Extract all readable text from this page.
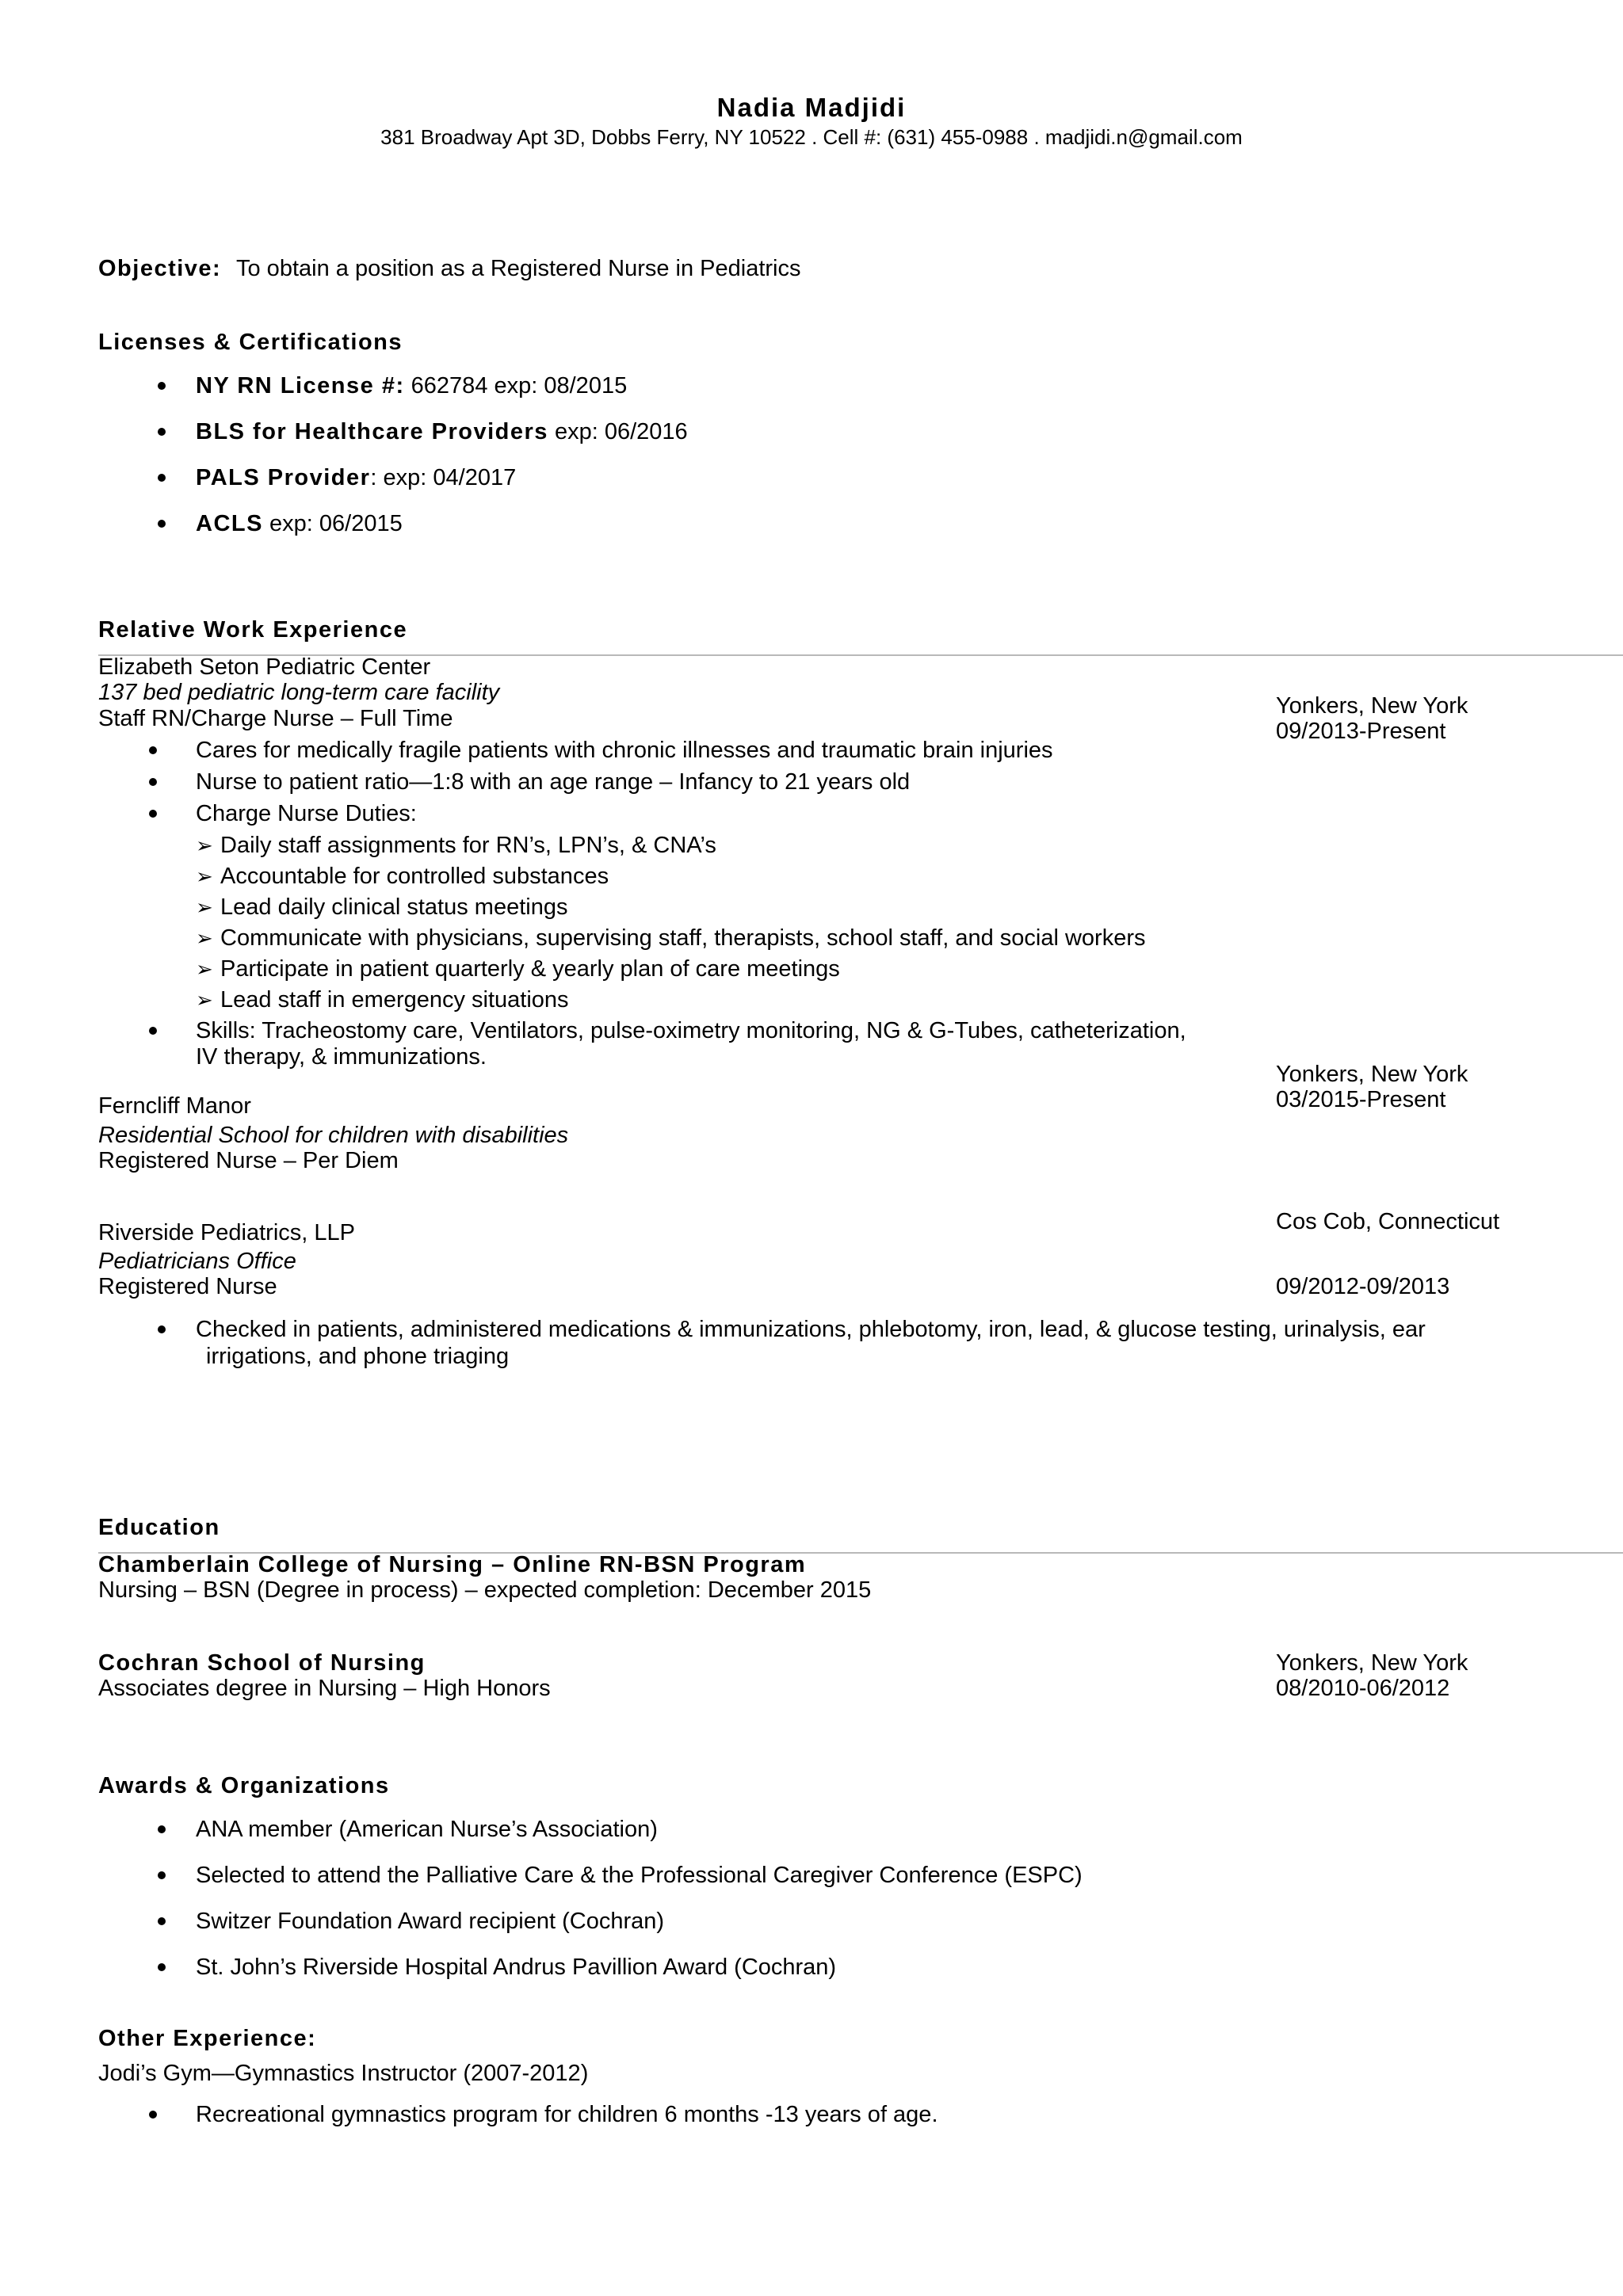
Nadia Madjidi
381 Broadway Apt 3D, Dobbs Ferry, NY 10522 . Cell #: (631) 455-0988 . madjidi.n@gmail.com
Objective: To obtain a position as a Registered Nurse in Pediatrics
Licenses & Certifications
NY RN License #: 662784 exp: 08/2015
BLS for Healthcare Providers exp: 06/2016
PALS Provider: exp: 04/2017
ACLS exp: 06/2015
Relative Work Experience
Elizabeth Seton Pediatric Center
137 bed pediatric long-term care facility
Staff RN/Charge Nurse – Full Time	Yonkers, New York
09/2013-Present
Cares for medically fragile patients with chronic illnesses and traumatic brain injuries
Nurse to patient ratio—1:8 with an age range – Infancy to 21 years old
Charge Nurse Duties:
➢ Daily staff assignments for RN’s, LPN’s, & CNA’s
➢ Accountable for controlled substances
➢ Lead daily clinical status meetings
➢ Communicate with physicians, supervising staff, therapists, school staff, and social workers
➢ Participate in patient quarterly & yearly plan of care meetings
➢ Lead staff in emergency situations
Skills: Tracheostomy care, Ventilators, pulse-oximetry monitoring, NG & G-Tubes, catheterization,
IV therapy, & immunizations.
Yonkers, New York
03/2015-Present
Ferncliff Manor
Residential School for children with disabilities
Registered Nurse – Per Diem
Cos Cob, Connecticut
Riverside Pediatrics, LLP
Pediatricians Office
Registered Nurse	09/2012-09/2013
Checked in patients, administered medications & immunizations, phlebotomy, iron, lead, & glucose testing, urinalysis, ear
irrigations, and phone triaging
Education
Chamberlain College of Nursing – Online RN-BSN Program
Nursing – BSN (Degree in process) – expected completion: December 2015
Cochran School of Nursing
Associates degree in Nursing – High Honors
Yonkers, New York
08/2010-06/2012
Awards & Organizations
ANA member (American Nurse’s Association)
Selected to attend the Palliative Care & the Professional Caregiver Conference (ESPC)
Switzer Foundation Award recipient (Cochran)
St. John’s Riverside Hospital Andrus Pavillion Award (Cochran)
Other Experience:
Jodi’s Gym—Gymnastics Instructor (2007-2012)
Recreational gymnastics program for children 6 months -13 years of age.
